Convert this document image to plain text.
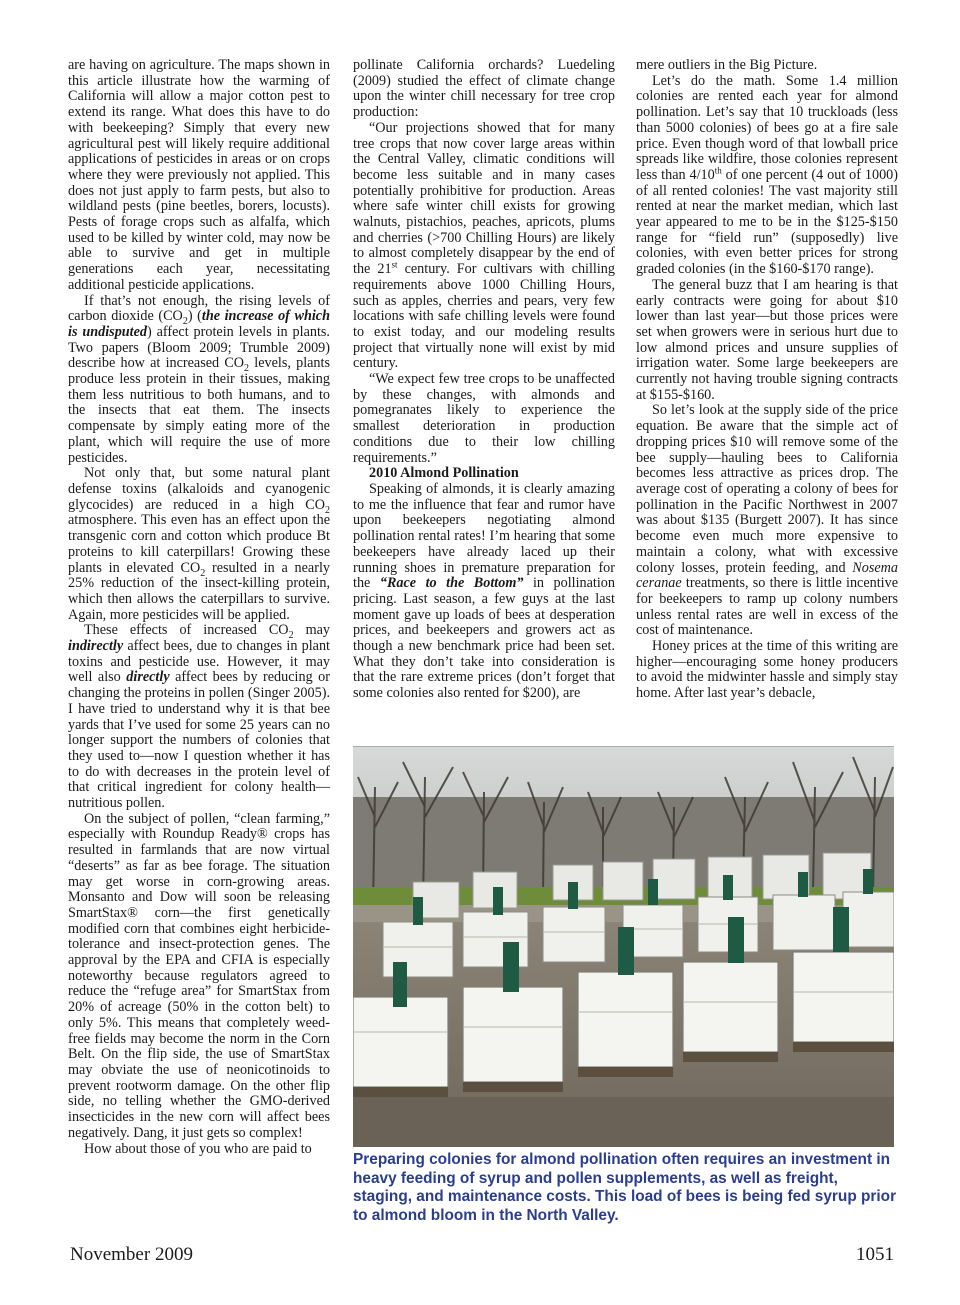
are having on agriculture. The maps shown in this article illustrate how the warming of California will allow a major cotton pest to extend its range. What does this have to do with beekeeping? Simply that every new agricultural pest will likely require additional applications of pesticides in areas or on crops where they were previously not applied. This does not just apply to farm pests, but also to wildland pests (pine beetles, borers, locusts). Pests of forage crops such as alfalfa, which used to be killed by winter cold, may now be able to survive and get in multiple generations each year, necessitating additional pesticide applications.

If that’s not enough, the rising levels of carbon dioxide $(CO_2)$ (the increase of which is undisputed) affect protein levels in plants. Two papers (Bloom 2009; Trumble 2009) describe how at increased $CO_2$ levels, plants produce less protein in their tissues, making them less nutritious to both humans, and to the insects that eat them. The insects compensate by simply eating more of the plant, which will require the use of more pesticides.

Not only that, but some natural plant defense toxins (alkaloids and cyanogenic glycocides) are reduced in a high $CO_2$ atmosphere. This even has an effect upon the transgenic corn and cotton which produce Bt proteins to kill caterpillars! Growing these plants in elevated $CO_2$ resulted in a nearly 25% reduction of the insect-killing protein, which then allows the caterpillars to survive. Again, more pesticides will be applied.

These effects of increased $CO_2$ may indirectly affect bees, due to changes in plant toxins and pesticide use. However, it may well also directly affect bees by reducing or changing the proteins in pollen (Singer 2005). I have tried to understand why it is that bee yards that I’ve used for some 25 years can no longer support the numbers of colonies that they used to—now I question whether it has to do with decreases in the protein level of that critical ingredient for colony health—nutritious pollen.

On the subject of pollen, “clean farming,” especially with Roundup Ready® crops has resulted in farmlands that are now virtual “deserts” as far as bee forage. The situation may get worse in corn-growing areas. Monsanto and Dow will soon be releasing SmartStax® corn—the first genetically modified corn that combines eight herbicide-tolerance and insect-protection genes. The approval by the EPA and CFIA is especially noteworthy because regulators agreed to reduce the “refuge area” for SmartStax from 20% of acreage (50% in the cotton belt) to only 5%. This means that completely weed-free fields may become the norm in the Corn Belt. On the flip side, the use of SmartStax may obviate the use of neonicotinoids to prevent rootworm damage. On the other flip side, no telling whether the GMO-derived insecticides in the new corn will affect bees negatively. Dang, it just gets so complex!

How about those of you who are paid to

pollinate California orchards? Luedeling (2009) studied the effect of climate change upon the winter chill necessary for tree crop production:

“Our projections showed that for many tree crops that now cover large areas within the Central Valley, climatic conditions will become less suitable and in many cases potentially prohibitive for production. Areas where safe winter chill exists for growing walnuts, pistachios, peaches, apricots, plums and cherries (>700 Chilling Hours) are likely to almost completely disappear by the end of the 21st century. For cultivars with chilling requirements above 1000 Chilling Hours, such as apples, cherries and pears, very few locations with safe chilling levels were found to exist today, and our modeling results project that virtually none will exist by mid century.

“We expect few tree crops to be unaffected by these changes, with almonds and pomegranates likely to experience the smallest deterioration in production conditions due to their low chilling requirements.”

2010 Almond Pollination

Speaking of almonds, it is clearly amazing to me the influence that fear and rumor have upon beekeepers negotiating almond pollination rental rates! I’m hearing that some beekeepers have already laced up their running shoes in premature preparation for the “Race to the Bottom” in pollination pricing. Last season, a few guys at the last moment gave up loads of bees at desperation prices, and beekeepers and growers act as though a new benchmark price had been set. What they don’t take into consideration is that the rare extreme prices (don’t forget that some colonies also rented for $200), are

mere outliers in the Big Picture.

Let’s do the math. Some 1.4 million colonies are rented each year for almond pollination. Let’s say that 10 truckloads (less than 5000 colonies) of bees go at a fire sale price. Even though word of that lowball price spreads like wildfire, those colonies represent less than 4/10th of one percent (4 out of 1000) of all rented colonies! The vast majority still rented at near the market median, which last year appeared to me to be in the $125-$150 range for “field run” (supposedly) live colonies, with even better prices for strong graded colonies (in the $160-$170 range).

The general buzz that I am hearing is that early contracts were going for about $10 lower than last year—but those prices were set when growers were in serious hurt due to low almond prices and unsure supplies of irrigation water. Some large beekeepers are currently not having trouble signing contracts at $155-$160.

So let’s look at the supply side of the price equation. Be aware that the simple act of dropping prices $10 will remove some of the bee supply—hauling bees to California becomes less attractive as prices drop. The average cost of operating a colony of bees for pollination in the Pacific Northwest in 2007 was about $135 (Burgett 2007). It has since become even much more expensive to maintain a colony, what with excessive colony losses, protein feeding, and Nosema ceranae treatments, so there is little incentive for beekeepers to ramp up colony numbers unless rental rates are well in excess of the cost of maintenance.

Honey prices at the time of this writing are higher—encouraging some honey producers to avoid the midwinter hassle and simply stay home. After last year’s debacle,

Preparing colonies for almond pollination often requires an investment in heavy feeding of syrup and pollen supplements, as well as freight, staging, and maintenance costs. This load of bees is being fed syrup prior to almond bloom in the North Valley.
November 2009	1051
